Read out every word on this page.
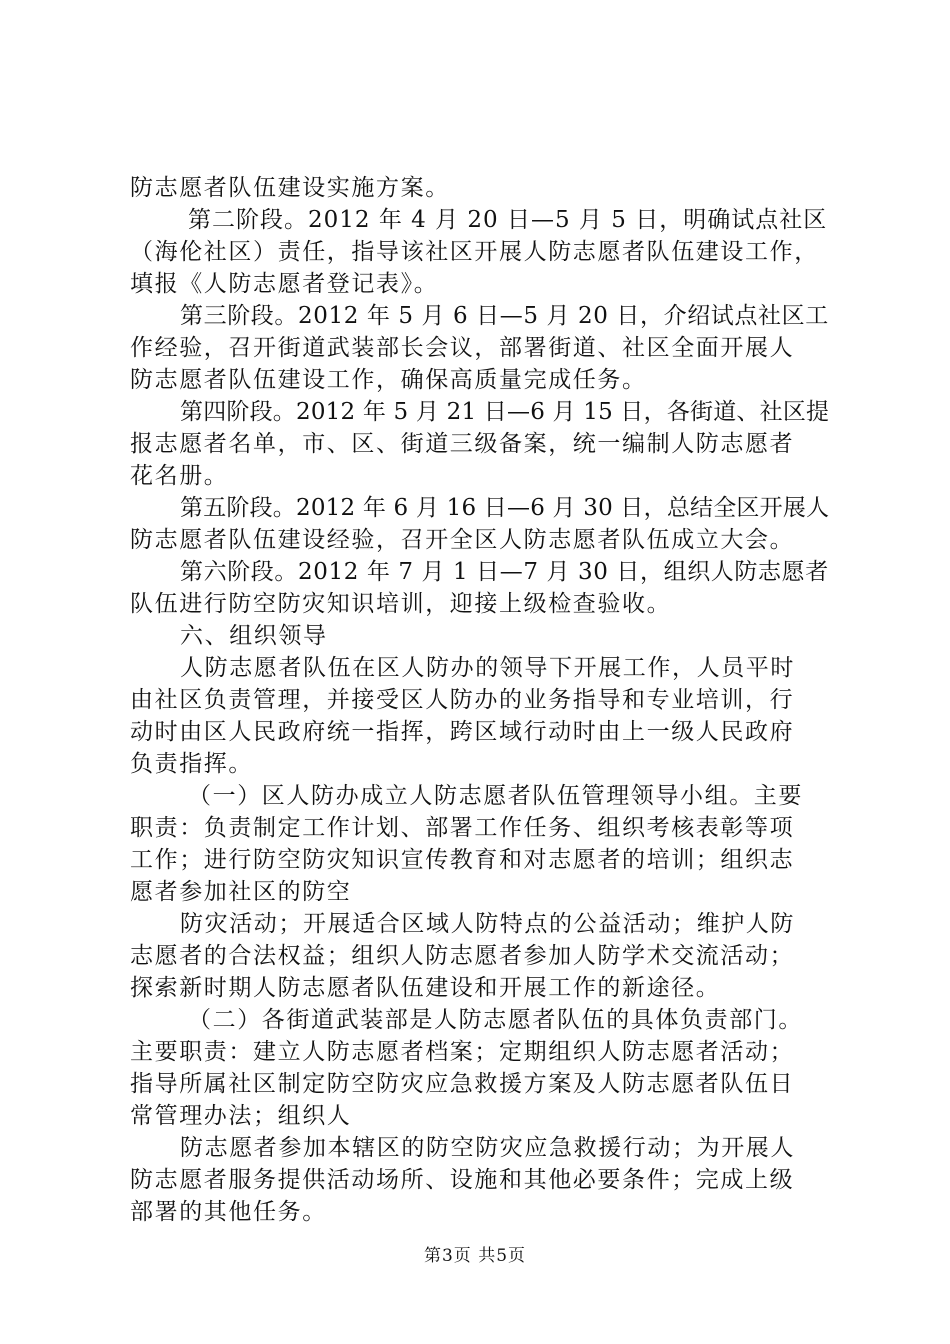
防志愿者队伍建设实施方案。
第二阶段。2012 年 4 月 20 日—5 月 5 日，明确试点社区
（海伦社区）责任，指导该社区开展人防志愿者队伍建设工作，
填报《人防志愿者登记表》。
第三阶段。2012 年 5 月 6 日—5 月 20 日，介绍试点社区工
作经验，召开街道武装部长会议，部署街道、社区全面开展人
防志愿者队伍建设工作，确保高质量完成任务。
第四阶段。2012 年 5 月 21 日—6 月 15 日，各街道、社区提
报志愿者名单，市、区、街道三级备案，统一编制人防志愿者
花名册。
第五阶段。2012 年 6 月 16 日—6 月 30 日，总结全区开展人
防志愿者队伍建设经验，召开全区人防志愿者队伍成立大会。
第六阶段。2012 年 7 月 1 日—7 月 30 日，组织人防志愿者
队伍进行防空防灾知识培训，迎接上级检查验收。
六、组织领导
人防志愿者队伍在区人防办的领导下开展工作，人员平时
由社区负责管理，并接受区人防办的业务指导和专业培训，行
动时由区人民政府统一指挥，跨区域行动时由上一级人民政府
负责指挥。
（一）区人防办成立人防志愿者队伍管理领导小组。主要
职责：负责制定工作计划、部署工作任务、组织考核表彰等项
工作；进行防空防灾知识宣传教育和对志愿者的培训；组织志
愿者参加社区的防空
防灾活动；开展适合区域人防特点的公益活动；维护人防
志愿者的合法权益；组织人防志愿者参加人防学术交流活动；
探索新时期人防志愿者队伍建设和开展工作的新途径。
（二）各街道武装部是人防志愿者队伍的具体负责部门。
主要职责：建立人防志愿者档案；定期组织人防志愿者活动；
指导所属社区制定防空防灾应急救援方案及人防志愿者队伍日
常管理办法；组织人
防志愿者参加本辖区的防空防灾应急救援行动；为开展人
防志愿者服务提供活动场所、设施和其他必要条件；完成上级
部署的其他任务。
第3页 共5页
